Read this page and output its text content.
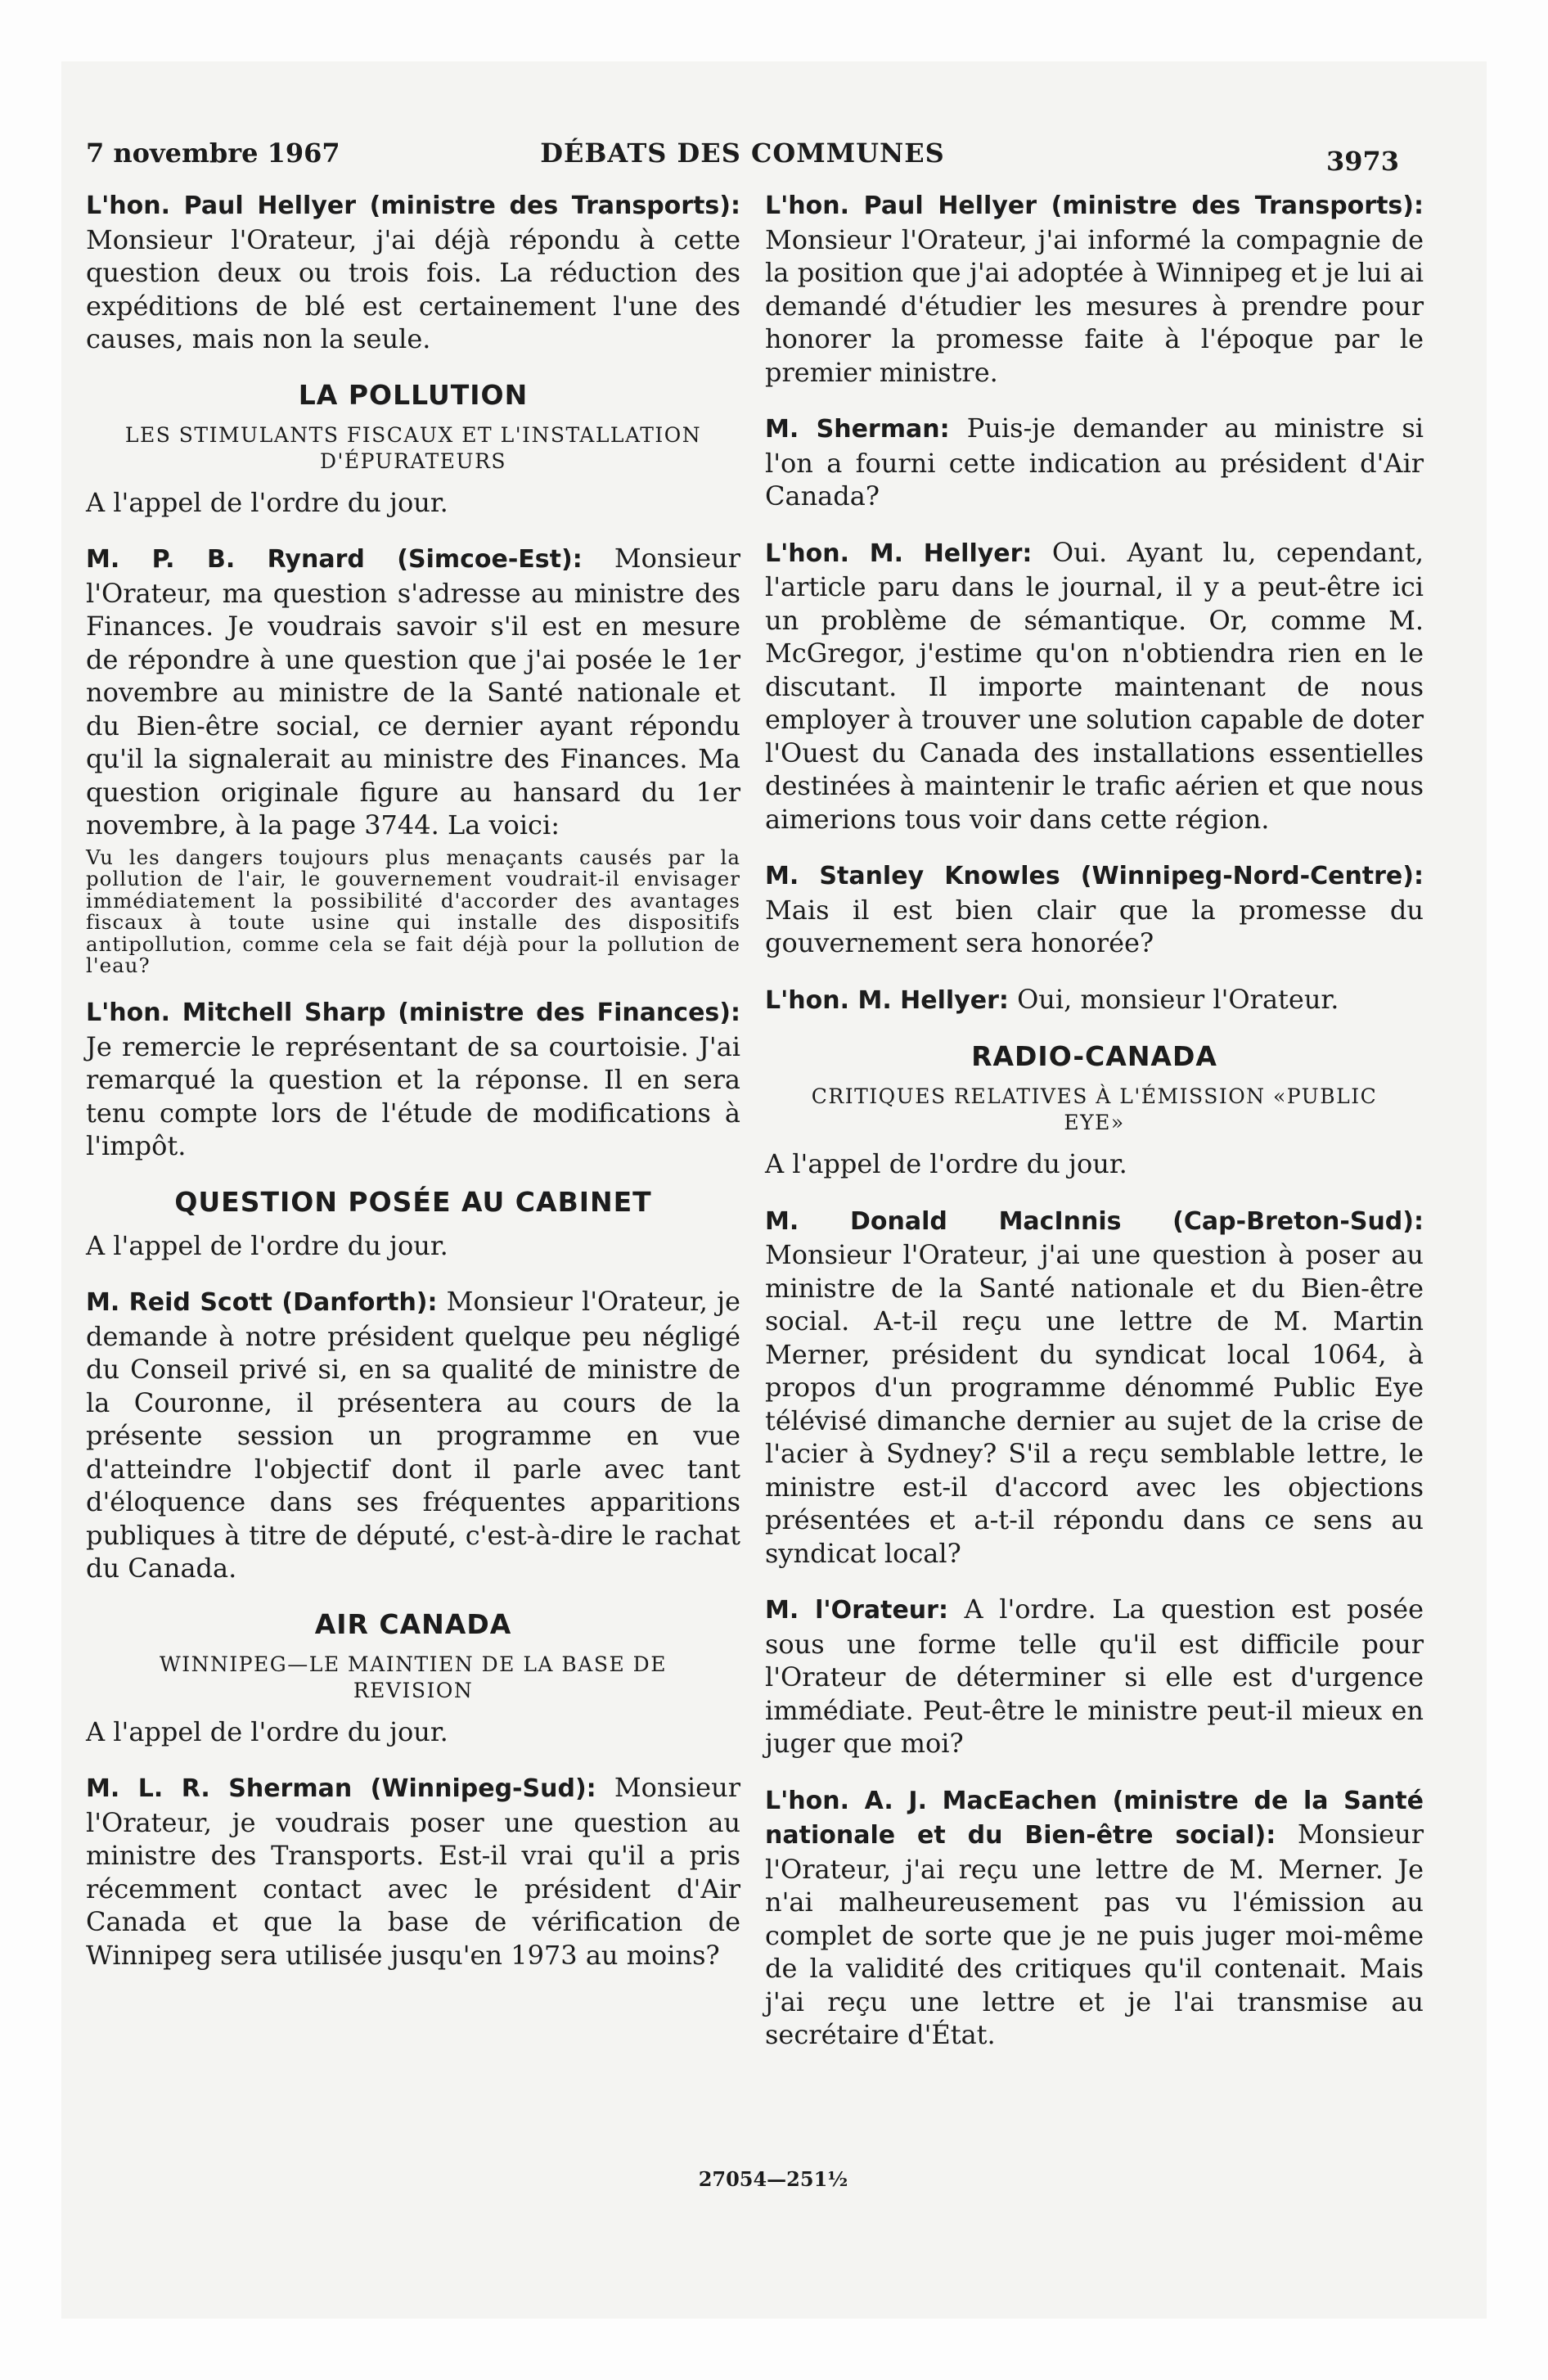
7 novembre 1967	DÉBATS DES COMMUNES	3973

L'hon. Paul Hellyer (ministre des Transports): Monsieur l'Orateur, j'ai déjà répondu à cette question deux ou trois fois. La réduction des expéditions de blé est certainement l'une des causes, mais non la seule.

LA POLLUTION
LES STIMULANTS FISCAUX ET L'INSTALLATION D'ÉPURATEURS

A l'appel de l'ordre du jour.

M. P. B. Rynard (Simcoe-Est): Monsieur l'Orateur, ma question s'adresse au ministre des Finances. Je voudrais savoir s'il est en mesure de répondre à une question que j'ai posée le 1er novembre au ministre de la Santé nationale et du Bien-être social, ce dernier ayant répondu qu'il la signalerait au ministre des Finances. Ma question originale figure au hansard du 1er novembre, à la page 3744. La voici:

Vu les dangers toujours plus menaçants causés par la pollution de l'air, le gouvernement voudrait-il envisager immédiatement la possibilité d'accorder des avantages fiscaux à toute usine qui installe des dispositifs antipollution, comme cela se fait déjà pour la pollution de l'eau?

L'hon. Mitchell Sharp (ministre des Finances): Je remercie le représentant de sa courtoisie. J'ai remarqué la question et la réponse. Il en sera tenu compte lors de l'étude de modifications à l'impôt.

QUESTION POSÉE AU CABINET

A l'appel de l'ordre du jour.

M. Reid Scott (Danforth): Monsieur l'Orateur, je demande à notre président quelque peu négligé du Conseil privé si, en sa qualité de ministre de la Couronne, il présentera au cours de la présente session un programme en vue d'atteindre l'objectif dont il parle avec tant d'éloquence dans ses fréquentes apparitions publiques à titre de député, c'est-à-dire le rachat du Canada.

AIR CANADA
WINNIPEG—LE MAINTIEN DE LA BASE DE REVISION

A l'appel de l'ordre du jour.

M. L. R. Sherman (Winnipeg-Sud): Monsieur l'Orateur, je voudrais poser une question au ministre des Transports. Est-il vrai qu'il a pris récemment contact avec le président d'Air Canada et que la base de vérification de Winnipeg sera utilisée jusqu'en 1973 au moins?

L'hon. Paul Hellyer (ministre des Transports): Monsieur l'Orateur, j'ai informé la compagnie de la position que j'ai adoptée à Winnipeg et je lui ai demandé d'étudier les mesures à prendre pour honorer la promesse faite à l'époque par le premier ministre.

M. Sherman: Puis-je demander au ministre si l'on a fourni cette indication au président d'Air Canada?

L'hon. M. Hellyer: Oui. Ayant lu, cependant, l'article paru dans le journal, il y a peut-être ici un problème de sémantique. Or, comme M. McGregor, j'estime qu'on n'obtiendra rien en le discutant. Il importe maintenant de nous employer à trouver une solution capable de doter l'Ouest du Canada des installations essentielles destinées à maintenir le trafic aérien et que nous aimerions tous voir dans cette région.

M. Stanley Knowles (Winnipeg-Nord-Centre): Mais il est bien clair que la promesse du gouvernement sera honorée?

L'hon. M. Hellyer: Oui, monsieur l'Orateur.

RADIO-CANADA
CRITIQUES RELATIVES À L'ÉMISSION «PUBLIC EYE»

A l'appel de l'ordre du jour.

M. Donald MacInnis (Cap-Breton-Sud): Monsieur l'Orateur, j'ai une question à poser au ministre de la Santé nationale et du Bien-être social. A-t-il reçu une lettre de M. Martin Merner, président du syndicat local 1064, à propos d'un programme dénommé Public Eye télévisé dimanche dernier au sujet de la crise de l'acier à Sydney? S'il a reçu semblable lettre, le ministre est-il d'accord avec les objections présentées et a-t-il répondu dans ce sens au syndicat local?

M. l'Orateur: A l'ordre. La question est posée sous une forme telle qu'il est difficile pour l'Orateur de déterminer si elle est d'urgence immédiate. Peut-être le ministre peut-il mieux en juger que moi?

L'hon. A. J. MacEachen (ministre de la Santé nationale et du Bien-être social): Monsieur l'Orateur, j'ai reçu une lettre de M. Merner. Je n'ai malheureusement pas vu l'émission au complet de sorte que je ne puis juger moi-même de la validité des critiques qu'il contenait. Mais j'ai reçu une lettre et je l'ai transmise au secrétaire d'État.

27054—251½
